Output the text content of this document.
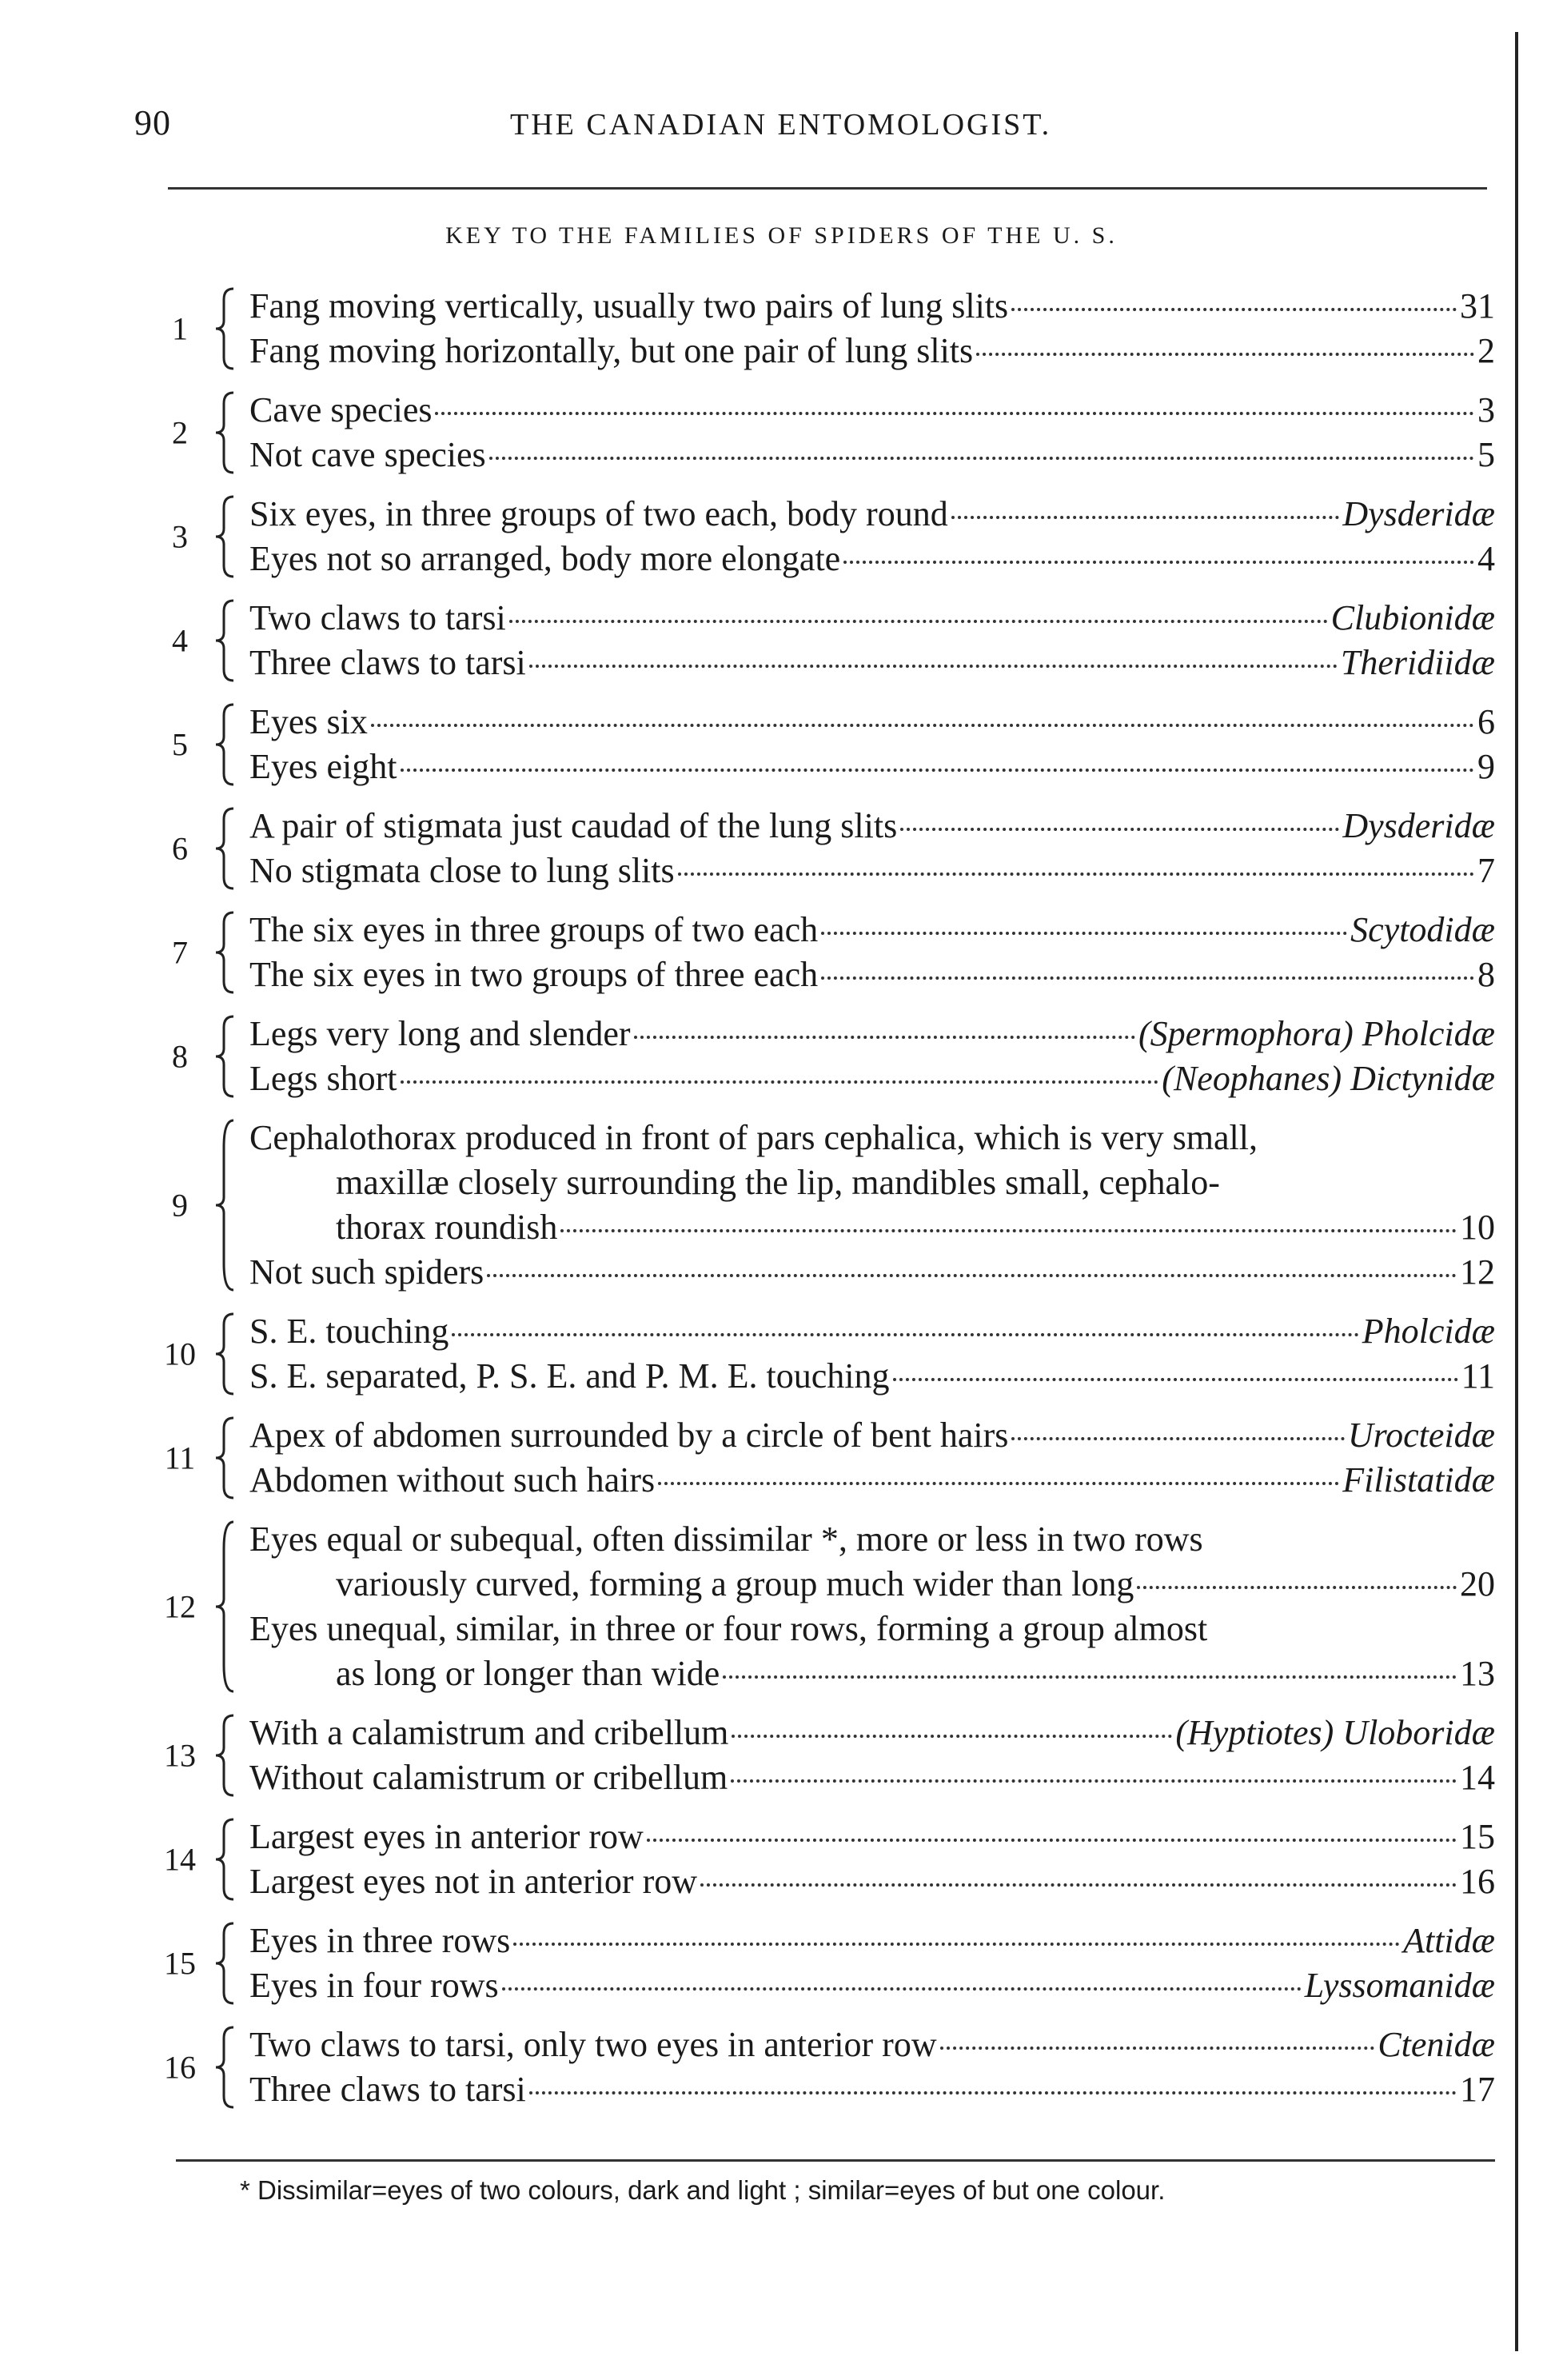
90	THE CANADIAN ENTOMOLOGIST.
KEY TO THE FAMILIES OF SPIDERS OF THE U. S.
1
Fang moving vertically, usually two pairs of lung slits	31
Fang moving horizontally, but one pair of lung slits	2
2
Cave species	3
Not cave species	5
3
Six eyes, in three groups of two each, body round	Dysderidæ
Eyes not so arranged, body more elongate	4
4
Two claws to tarsi	Clubionidæ
Three claws to tarsi	Theridiidæ
5
Eyes six	6
Eyes eight	9
6
A pair of stigmata just caudad of the lung slits	Dysderidæ
No stigmata close to lung slits	7
7
The six eyes in three groups of two each	Scytodidæ
The six eyes in two groups of three each	8
8
Legs very long and slender	(Spermophora) Pholcidæ
Legs short	(Neophanes) Dictynidæ
9
Cephalothorax produced in front of pars cephalica, which is very small,
maxillæ closely surrounding the lip, mandibles small, cephalo-
thorax roundish	10
Not such spiders	12
10
S. E. touching	Pholcidæ
S. E. separated, P. S. E. and P. M. E. touching	11
11
Apex of abdomen surrounded by a circle of bent hairs	Urocteidæ
Abdomen without such hairs	Filistatidæ
12
Eyes equal or subequal, often dissimilar *, more or less in two rows
variously curved, forming a group much wider than long	20
Eyes unequal, similar, in three or four rows, forming a group almost
as long or longer than wide	13
13
With a calamistrum and cribellum	(Hyptiotes) Uloboridæ
Without calamistrum or cribellum	14
14
Largest eyes in anterior row	15
Largest eyes not in anterior row	16
15
Eyes in three rows	Attidæ
Eyes in four rows	Lyssomanidæ
16
Two claws to tarsi, only two eyes in anterior row	Ctenidæ
Three claws to tarsi	17
* Dissimilar=eyes of two colours, dark and light ; similar=eyes of but one colour.
